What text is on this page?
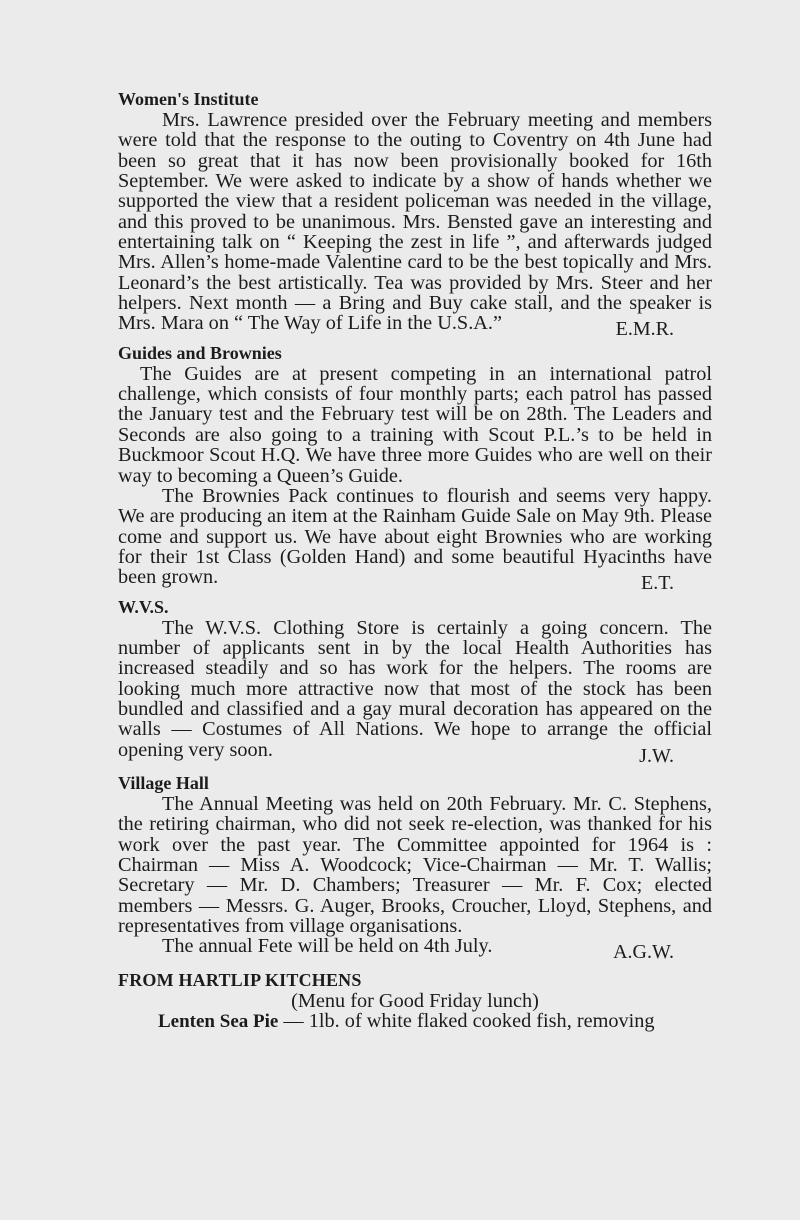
Women's Institute

Mrs. Lawrence presided over the February meeting and members were told that the response to the outing to Coventry on 4th June had been so great that it has now been provisionally booked for 16th September. We were asked to indicate by a show of hands whether we supported the view that a resident policeman was needed in the village, and this proved to be unanimous. Mrs. Bensted gave an interesting and entertaining talk on “ Keeping the zest in life ”, and afterwards judged Mrs. Allen’s home-made Valentine card to be the best topically and Mrs. Leonard’s the best artistically. Tea was provided by Mrs. Steer and her helpers. Next month — a Bring and Buy cake stall, and the speaker is Mrs. Mara on “ The Way of Life in the U.S.A.”	E.M.R.

Guides and Brownies

The Guides are at present competing in an international patrol challenge, which consists of four monthly parts; each patrol has passed the January test and the February test will be on 28th. The Leaders and Seconds are also going to a training with Scout P.L.’s to be held in Buckmoor Scout H.Q. We have three more Guides who are well on their way to becoming a Queen’s Guide.

The Brownies Pack continues to flourish and seems very happy. We are producing an item at the Rainham Guide Sale on May 9th. Please come and support us. We have about eight Brownies who are working for their 1st Class (Golden Hand) and some beautiful Hyacinths have been grown.	E.T.

W.V.S.

The W.V.S. Clothing Store is certainly a going concern. The number of applicants sent in by the local Health Authorities has increased steadily and so has work for the helpers. The rooms are looking much more attractive now that most of the stock has been bundled and classified and a gay mural decoration has appeared on the walls — Costumes of All Nations. We hope to arrange the official opening very soon.	J.W.

Village Hall

The Annual Meeting was held on 20th February. Mr. C. Stephens, the retiring chairman, who did not seek re-election, was thanked for his work over the past year. The Committee appointed for 1964 is : Chairman — Miss A. Woodcock; Vice-Chairman — Mr. T. Wallis; Secretary — Mr. D. Chambers; Treasurer — Mr. F. Cox; elected members — Messrs. G. Auger, Brooks, Croucher, Lloyd, Stephens, and representatives from village organisations.

The annual Fete will be held on 4th July.	A.G.W.

FROM HARTLIP KITCHENS

(Menu for Good Friday lunch)

Lenten Sea Pie — 1lb. of white flaked cooked fish, removing
